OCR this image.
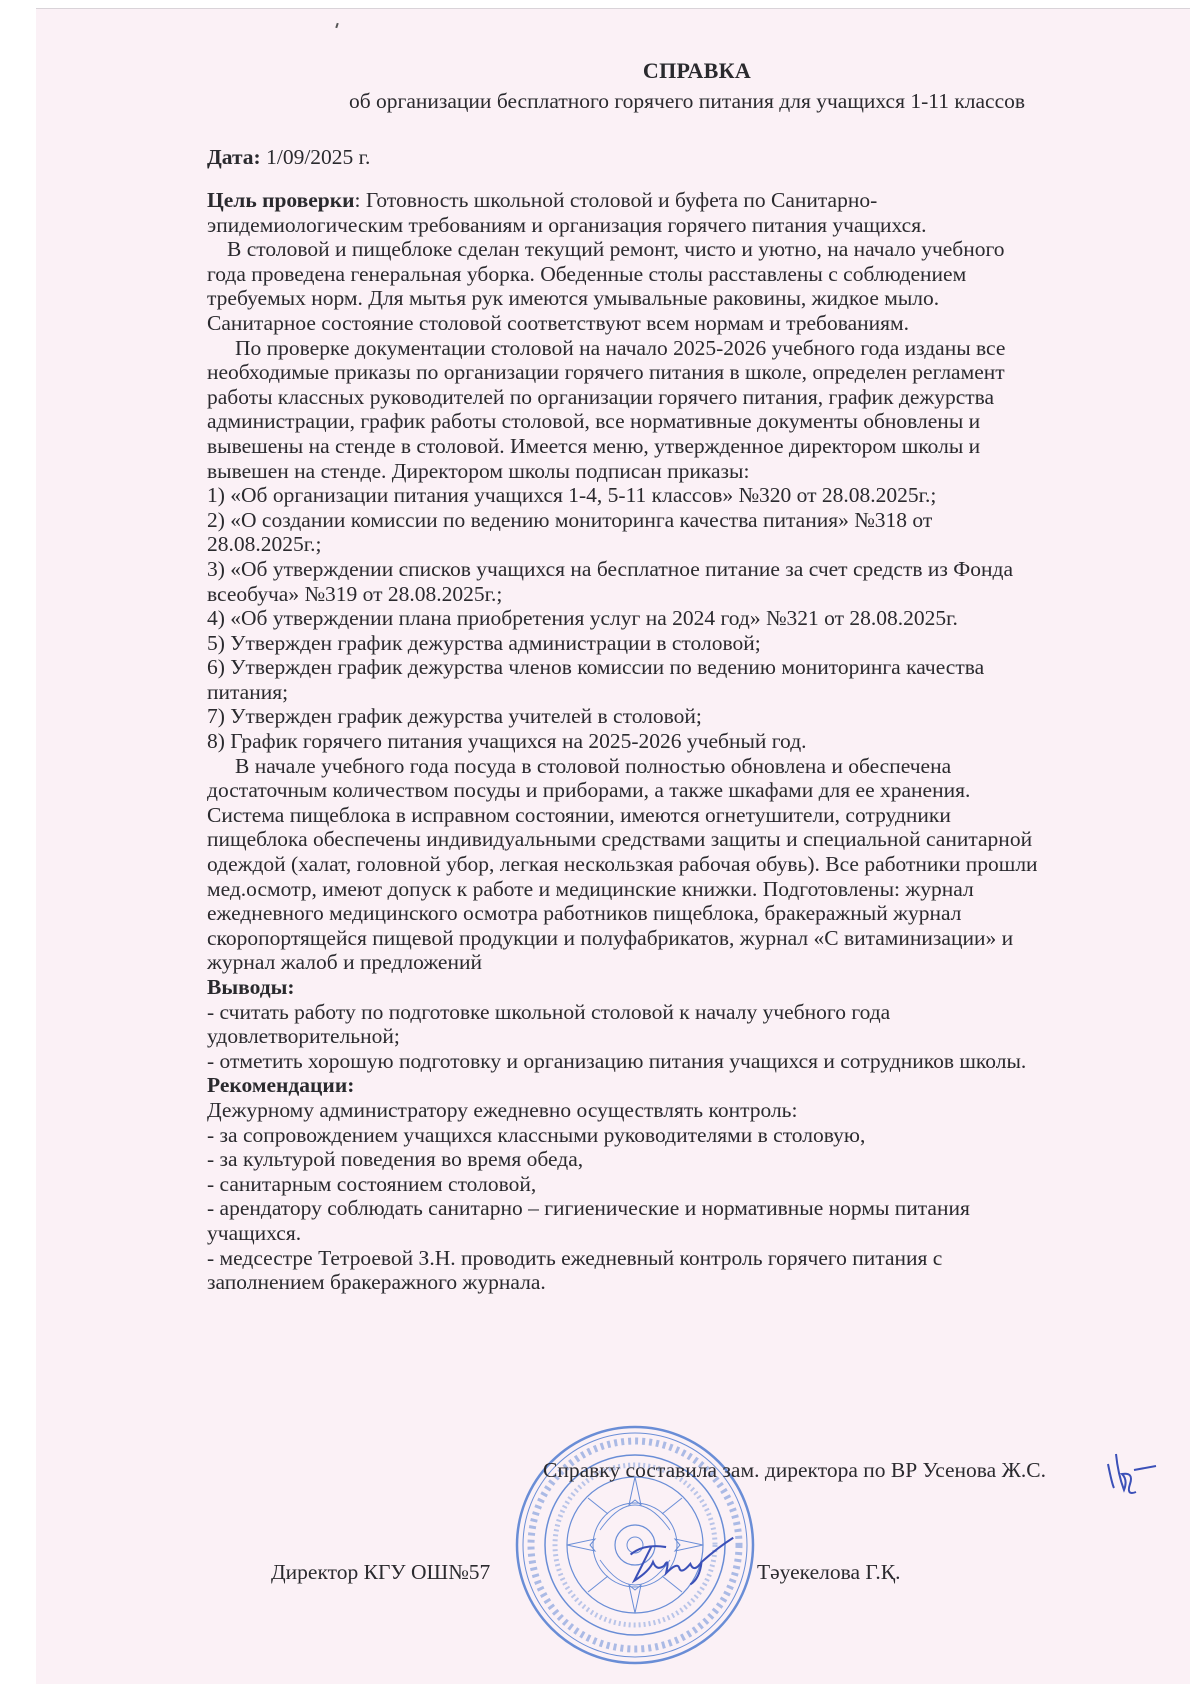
СПРАВКА
об организации бесплатного горячего питания для учащихся 1-11 классов
Дата: 1/09/2025 г.
Цель проверки: Готовность школьной столовой и буфета по Санитарно-
эпидемиологическим требованиям и организация горячего питания учащихся.
В столовой и пищеблоке сделан текущий ремонт, чисто и уютно, на начало учебного
года проведена генеральная уборка. Обеденные столы расставлены с соблюдением
требуемых норм. Для мытья рук имеются умывальные раковины, жидкое мыло.
Санитарное состояние столовой соответствуют всем нормам и требованиям.
По проверке документации столовой на начало 2025-2026 учебного года изданы все
необходимые приказы по организации горячего питания в школе, определен регламент
работы классных руководителей по организации горячего питания, график дежурства
администрации, график работы столовой, все нормативные документы обновлены и
вывешены на стенде в столовой. Имеется меню, утвержденное директором школы и
вывешен на стенде. Директором школы подписан приказы:
1) «Об организации питания учащихся 1-4, 5-11 классов» №320 от 28.08.2025г.;
2) «О создании комиссии по ведению мониторинга качества питания» №318 от
28.08.2025г.;
3) «Об утверждении списков учащихся на бесплатное питание за счет средств из Фонда
всеобуча» №319 от 28.08.2025г.;
4) «Об утверждении плана приобретения услуг на 2024 год» №321 от 28.08.2025г.
5) Утвержден график дежурства администрации в столовой;
6) Утвержден график дежурства членов комиссии по ведению мониторинга качества
питания;
7) Утвержден график дежурства учителей в столовой;
8) График горячего питания учащихся на 2025-2026 учебный год.
В начале учебного года посуда в столовой полностью обновлена и обеспечена
достаточным количеством посуды и приборами, а также шкафами для ее хранения.
Система пищеблока в исправном состоянии, имеются огнетушители, сотрудники
пищеблока обеспечены индивидуальными средствами защиты и специальной санитарной
одеждой (халат, головной убор, легкая нескользкая рабочая обувь). Все работники прошли
мед.осмотр, имеют допуск к работе и медицинские книжки. Подготовлены: журнал
ежедневного медицинского осмотра работников пищеблока, бракеражный журнал
скоропортящейся пищевой продукции и полуфабрикатов, журнал «С витаминизации» и
журнал жалоб и предложений
Выводы:
- считать работу по подготовке школьной столовой к началу учебного года
удовлетворительной;
- отметить хорошую подготовку и организацию питания учащихся и сотрудников школы.
Рекомендации:
Дежурному администратору ежедневно осуществлять контроль:
- за сопровождением учащихся классными руководителями в столовую,
- за культурой поведения во время обеда,
- санитарным состоянием столовой,
- арендатору соблюдать санитарно – гигиенические и нормативные нормы питания
учащихся.
- медсестре Тетроевой З.Н. проводить ежедневный контроль горячего питания с
заполнением бракеражного журнала.
Справку составила зам. директора по ВР Усенова Ж.С.
Директор КГУ ОШ№57	Тәуекелова Г.Қ.
